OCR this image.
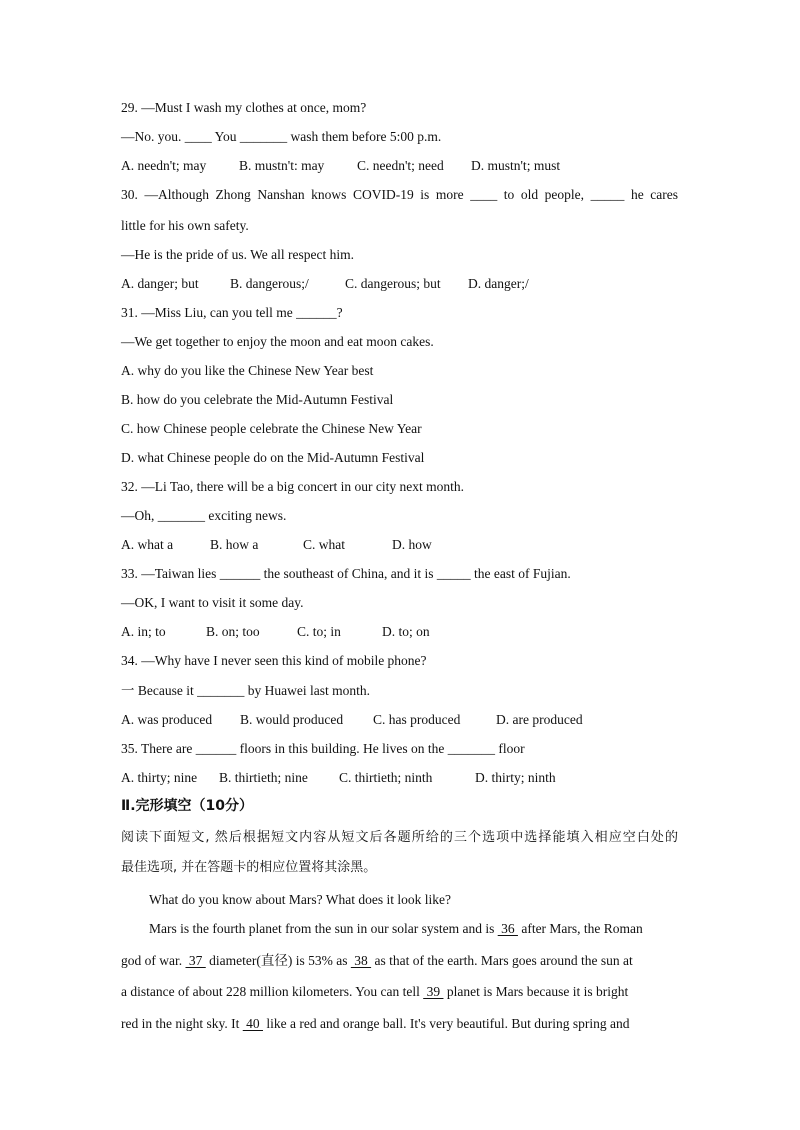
29. —Must I wash my clothes at once, mom?
—No. you. ____ You _______ wash them before 5:00 p.m.
A. needn't; may B. mustn't: may C. needn't; need D. mustn't; must
30. —Although Zhong Nanshan knows COVID-19 is more ____ to old people, _____ he cares
little for his own safety.
—He is the pride of us. We all respect him.
A. danger; but B. dangerous;/	C. dangerous; but D. danger;/
31. —Miss Liu, can you tell me ______?
—We get together to enjoy the moon and eat moon cakes.
A. why do you like the Chinese New Year best
B. how do you celebrate the Mid-Autumn Festival
C. how Chinese people celebrate the Chinese New Year
D. what Chinese people do on the Mid-Autumn Festival
32. —Li Tao, there will be a big concert in our city next month.
—Oh, _______ exciting news.
A. what a	B. how a	C. what	D. how
33. —Taiwan lies ______ the southeast of China, and it is _____ the east of Fujian.
—OK, I want to visit it some day.
A. in; to	B. on; too	C. to; in	D. to; on
34. —Why have I never seen this kind of mobile phone?
一 Because it _______ by Huawei last month.
A. was produced B. would produced C. has produced	D. are produced
35. There are ______ floors in this building. He lives on the _______ floor
A. thirty; nine B. thirtieth; nine C. thirtieth; ninth	D. thirty; ninth
Ⅱ.完形填空（10分）
阅读下面短文, 然后根据短文内容从短文后各题所给的三个选项中选择能填入相应空白处的
最佳选项, 并在答题卡的相应位置将其涂黑。
What do you know about Mars? What does it look like?
Mars is the fourth planet from the sun in our solar system and is  36  after Mars, the Roman
god of war.  37  diameter(直径) is 53% as  38  as that of the earth. Mars goes around the sun at
a distance of about 228 million kilometers. You can tell  39  planet is Mars because it is bright
red in the night sky. It  40  like a red and orange ball. It's very beautiful. But during spring and
